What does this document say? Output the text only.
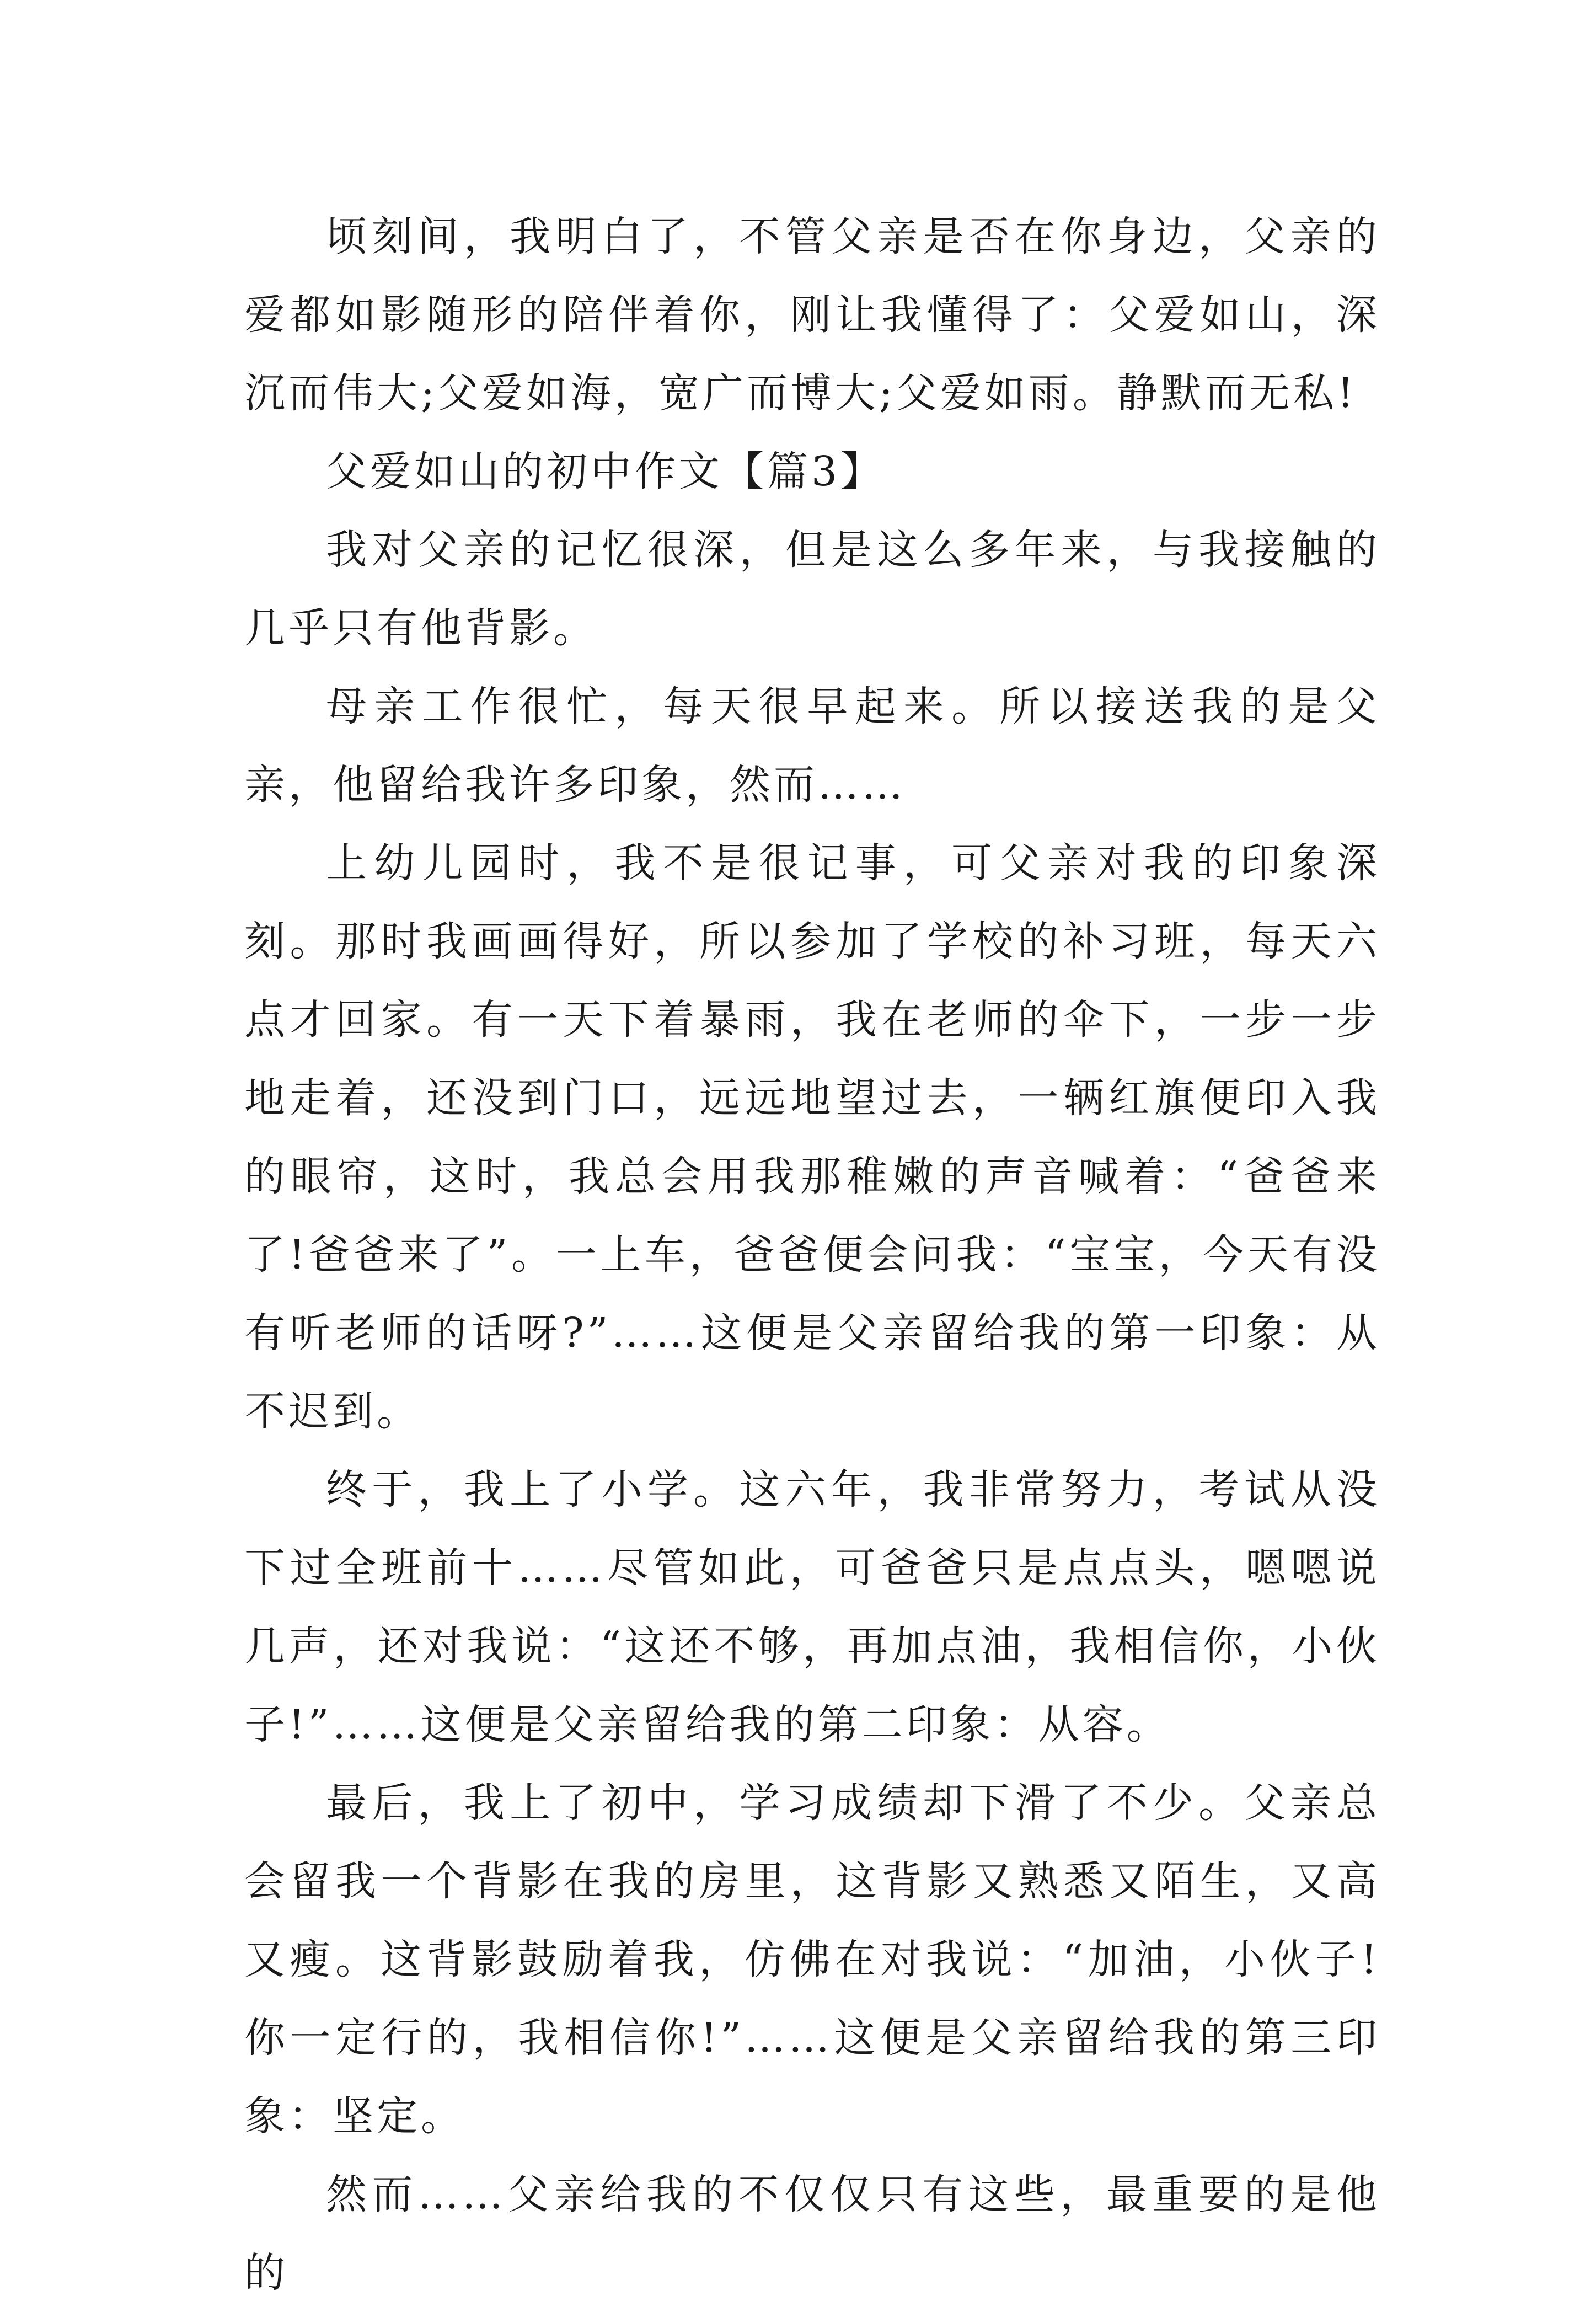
顷刻间，我明白了，不管父亲是否在你身边，父亲的爱都如影随形的陪伴着你，刚让我懂得了：父爱如山，深沉而伟大;父爱如海，宽广而博大;父爱如雨。静默而无私!

父爱如山的初中作文【篇3】

我对父亲的记忆很深，但是这么多年来，与我接触的几乎只有他背影。

母亲工作很忙，每天很早起来。所以接送我的是父亲，他留给我许多印象，然而……

上幼儿园时，我不是很记事，可父亲对我的印象深刻。那时我画画得好，所以参加了学校的补习班，每天六点才回家。有一天下着暴雨，我在老师的伞下，一步一步地走着，还没到门口，远远地望过去，一辆红旗便印入我的眼帘，这时，我总会用我那稚嫩的声音喊着：“爸爸来了!爸爸来了”。一上车，爸爸便会问我：“宝宝，今天有没有听老师的话呀?”……这便是父亲留给我的第一印象：从不迟到。

终于，我上了小学。这六年，我非常努力，考试从没下过全班前十……尽管如此，可爸爸只是点点头，嗯嗯说几声，还对我说：“这还不够，再加点油，我相信你，小伙子!”……这便是父亲留给我的第二印象：从容。

最后，我上了初中，学习成绩却下滑了不少。父亲总会留我一个背影在我的房里，这背影又熟悉又陌生，又高又瘦。这背影鼓励着我，仿佛在对我说：“加油，小伙子!你一定行的，我相信你!”……这便是父亲留给我的第三印象：坚定。

然而……父亲给我的不仅仅只有这些，最重要的是他的
